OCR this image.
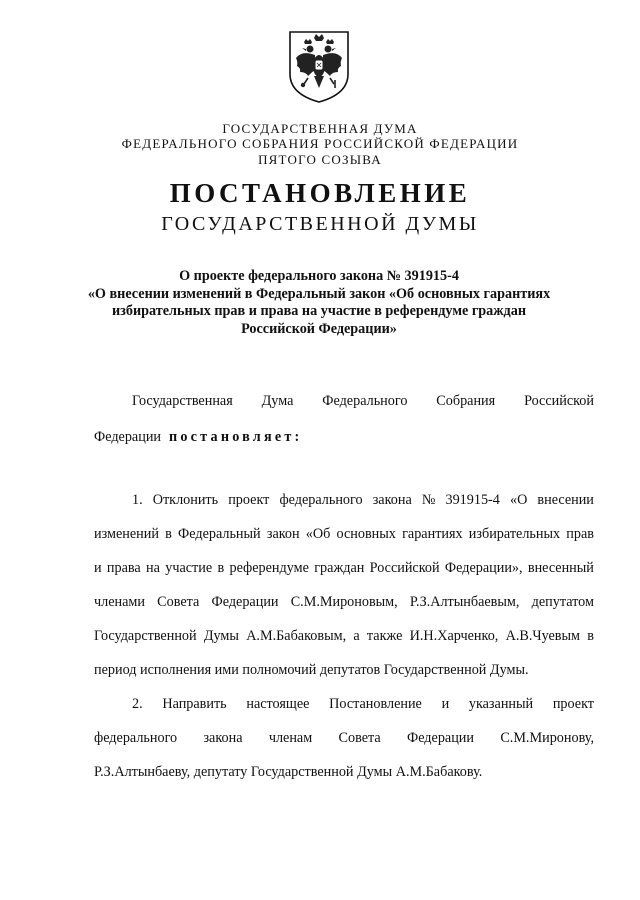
ГОСУДАРСТВЕННАЯ ДУМА
ФЕДЕРАЛЬНОГО СОБРАНИЯ РОССИЙСКОЙ ФЕДЕРАЦИИ
ПЯТОГО СОЗЫВА
ПОСТАНОВЛЕНИЕ
ГОСУДАРСТВЕННОЙ ДУМЫ
О проекте федерального закона № 391915-4
«О внесении изменений в Федеральный закон «Об основных гарантиях
избирательных прав и права на участие в референдуме граждан
Российской Федерации»
Государственная Дума Федерального Собрания Российской
Федерации постановляет:
1. Отклонить проект федерального закона № 391915-4 «О внесении
изменений в Федеральный закон «Об основных гарантиях избирательных прав
и права на участие в референдуме граждан Российской Федерации», внесенный
членами Совета Федерации С.М.Мироновым, Р.З.Алтынбаевым, депутатом
Государственной Думы А.М.Бабаковым, а также И.Н.Харченко, А.В.Чуевым в
период исполнения ими полномочий депутатов Государственной Думы.
2. Направить настоящее Постановление и указанный проект
федерального закона членам Совета Федерации С.М.Миронову,
Р.З.Алтынбаеву, депутату Государственной Думы А.М.Бабакову.
